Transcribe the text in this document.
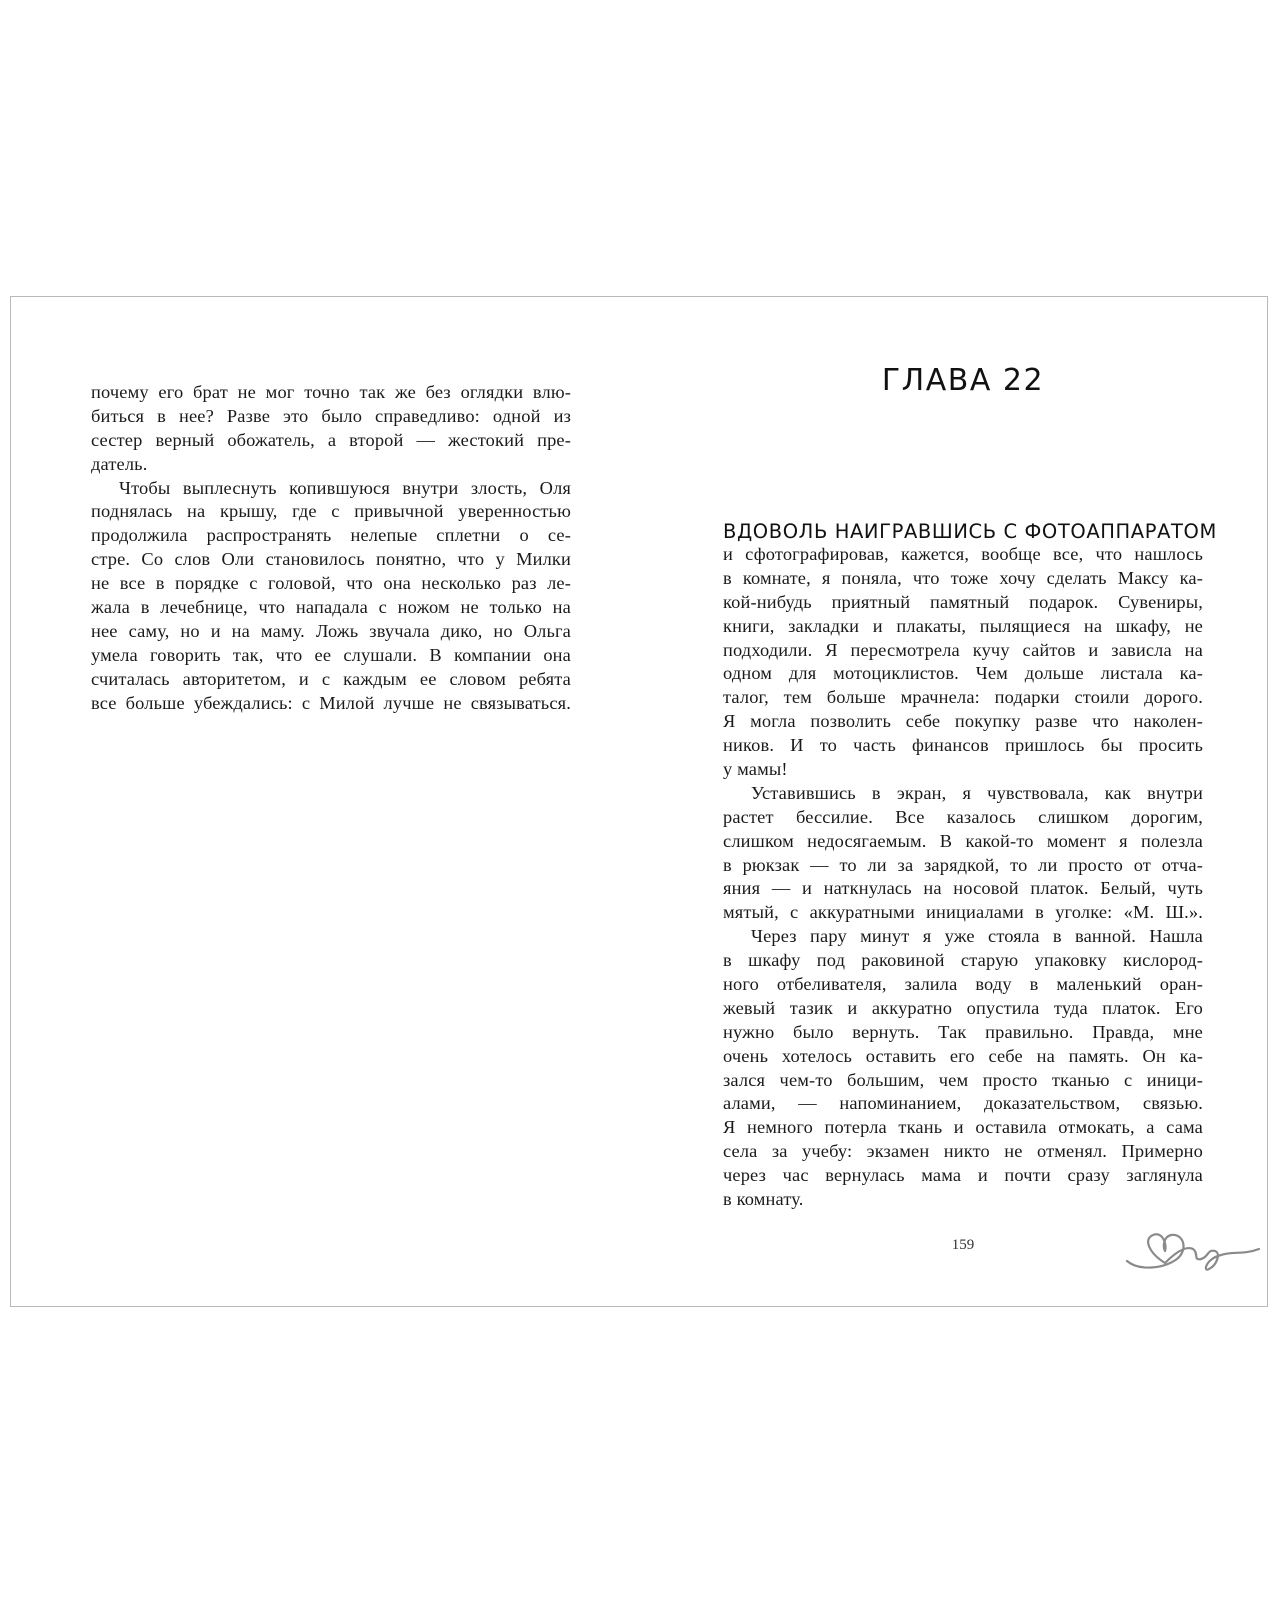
почему его брат не мог точно так же без оглядки влю-
биться в нее? Разве это было справедливо: одной из
сестер верный обожатель, а второй — жестокий пре-
датель.
Чтобы выплеснуть копившуюся внутри злость, Оля
поднялась на крышу, где с привычной уверенностью
продолжила распространять нелепые сплетни о се-
стре. Со слов Оли становилось понятно, что у Милки
не все в порядке с головой, что она несколько раз ле-
жала в лечебнице, что нападала с ножом не только на
нее саму, но и на маму. Ложь звучала дико, но Ольга
умела говорить так, что ее слушали. В компании она
считалась авторитетом, и с каждым ее словом ребята
все больше убеждались: с Милой лучше не связываться.
ГЛАВА 22
ВДОВОЛЬ НАИГРАВШИСЬ С ФОТОАППАРАТОМ
и сфотографировав, кажется, вообще все, что нашлось
в комнате, я поняла, что тоже хочу сделать Максу ка-
кой-нибудь приятный памятный подарок. Сувениры,
книги, закладки и плакаты, пылящиеся на шкафу, не
подходили. Я пересмотрела кучу сайтов и зависла на
одном для мотоциклистов. Чем дольше листала ка-
талог, тем больше мрачнела: подарки стоили дорого.
Я могла позволить себе покупку разве что наколен-
ников. И то часть финансов пришлось бы просить
у мамы!
Уставившись в экран, я чувствовала, как внутри
растет бессилие. Все казалось слишком дорогим,
слишком недосягаемым. В какой-то момент я полезла
в рюкзак — то ли за зарядкой, то ли просто от отча-
яния — и наткнулась на носовой платок. Белый, чуть
мятый, с аккуратными инициалами в уголке: «М. Ш.».
Через пару минут я уже стояла в ванной. Нашла
в шкафу под раковиной старую упаковку кислород-
ного отбеливателя, залила воду в маленький оран-
жевый тазик и аккуратно опустила туда платок. Его
нужно было вернуть. Так правильно. Правда, мне
очень хотелось оставить его себе на память. Он ка-
зался чем-то большим, чем просто тканью с иници-
алами, — напоминанием, доказательством, связью.
Я немного потерла ткань и оставила отмокать, а сама
села за учебу: экзамен никто не отменял. Примерно
через час вернулась мама и почти сразу заглянула
в комнату.
159
